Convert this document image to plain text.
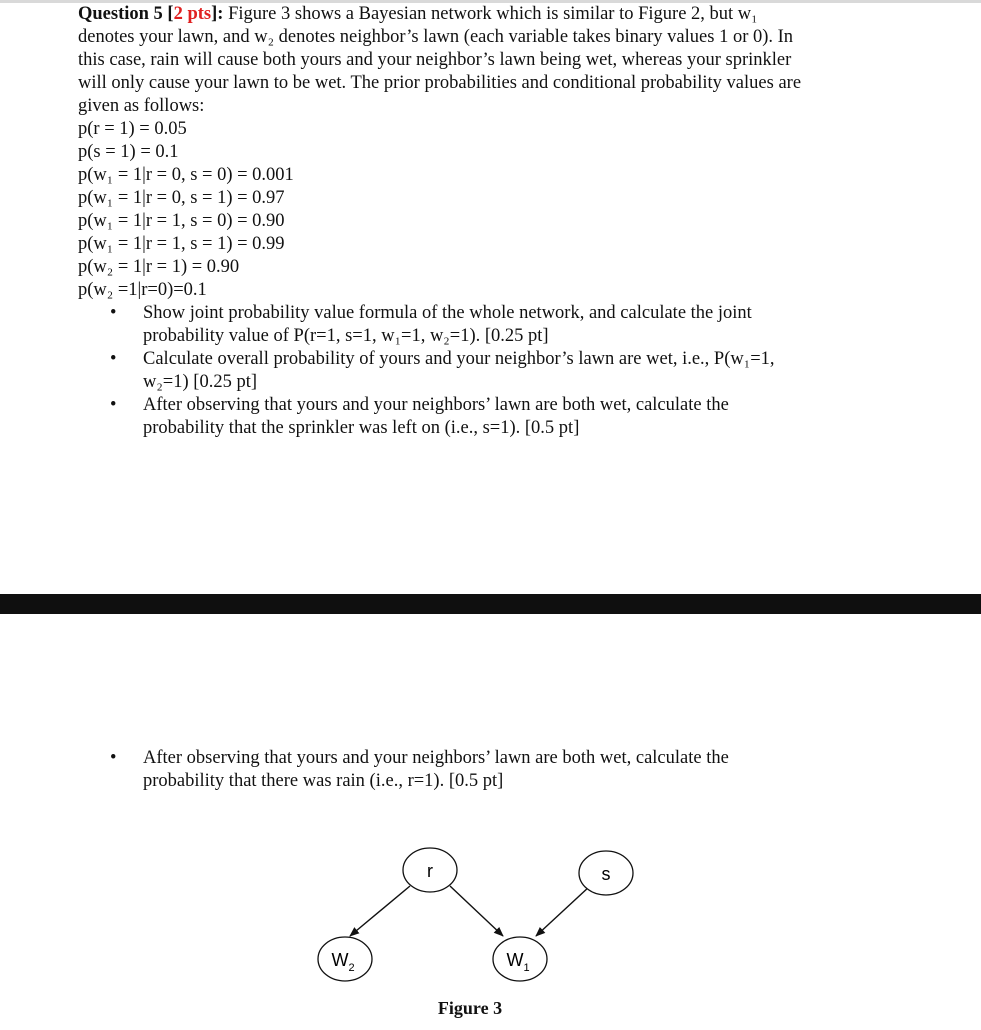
Question 5 [2 pts]: Figure 3 shows a Bayesian network which is similar to Figure 2, but w₁
denotes your lawn, and w₂ denotes neighbor’s lawn (each variable takes binary values 1 or 0). In
this case, rain will cause both yours and your neighbor’s lawn being wet, whereas your sprinkler
will only cause your lawn to be wet. The prior probabilities and conditional probability values are
given as follows:
p(r = 1) = 0.05
p(s = 1) = 0.1
p(w₁ = 1|r = 0, s = 0) = 0.001
p(w₁ = 1|r = 0, s = 1) = 0.97
p(w₁ = 1|r = 1, s = 0) = 0.90
p(w₁ = 1|r = 1, s = 1) = 0.99
p(w₂ = 1|r = 1) = 0.90
p(w₂ =1|r=0)=0.1
• Show joint probability value formula of the whole network, and calculate the joint
probability value of P(r=1, s=1, w₁=1, w₂=1). [0.25 pt]
• Calculate overall probability of yours and your neighbor’s lawn are wet, i.e., P(w₁=1,
w₂=1) [0.25 pt]
• After observing that yours and your neighbors’ lawn are both wet, calculate the
probability that the sprinkler was left on (i.e., s=1). [0.5 pt]
• After observing that yours and your neighbors’ lawn are both wet, calculate the
probability that there was rain (i.e., r=1). [0.5 pt]
r	s
$W_2$	$W_1$
Figure 3
